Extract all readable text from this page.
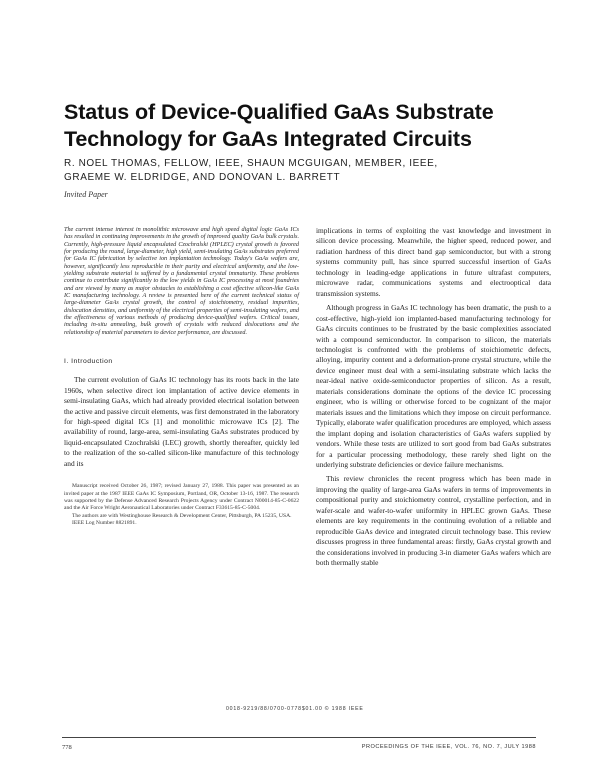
Status of Device-Qualified GaAs Substrate Technology for GaAs Integrated Circuits
R. NOEL THOMAS, FELLOW, IEEE, SHAUN MCGUIGAN, MEMBER, IEEE,
GRAEME W. ELDRIDGE, AND DONOVAN L. BARRETT
Invited Paper

The current intense interest in monolithic microwave and high speed digital logic GaAs ICs has resulted in continuing improvements in the growth of improved quality GaAs bulk crystals. Currently, high-pressure liquid encapsulated Czochralski (HPLEC) crystal growth is favored for producing the round, large-diameter, high yield, semi-insulating GaAs substrates preferred for GaAs IC fabrication by selective ion implantation technology. Today's GaAs wafers are, however, significantly less reproducible in their purity and electrical uniformity, and the low-yielding substrate material is suffered by a fundamental crystal immaturity. These problems continue to contribute significantly to the low yields in GaAs IC processing at most foundries and are viewed by many as major obstacles to establishing a cost effective silicon-like GaAs IC manufacturing technology. A review is presented here of the current technical status of large-diameter GaAs crystal growth, the control of stoichiometry, residual impurities, dislocation densities, and uniformity of the electrical properties of semi-insulating wafers, and the effectiveness of various methods of producing device-qualified wafers. Critical issues, including in-situ annealing, bulk growth of crystals with reduced dislocations and the relationship of material parameters to device performance, are discussed.

I. Introduction

The current evolution of GaAs IC technology has its roots back in the late 1960s, when selective direct ion implantation of active device elements in semi-insulating GaAs, which had already provided electrical isolation between the active and passive circuit elements, was first demonstrated in the laboratory for high-speed digital ICs [1] and monolithic microwave ICs [2]. The availability of round, large-area, semi-insulating GaAs substrates produced by liquid-encapsulated Czochralski (LEC) growth, shortly thereafter, quickly led to the realization of the so-called silicon-like manufacture of this technology and its

Manuscript received October 26, 1987; revised January 27, 1988. This paper was presented as an invited paper at the 1987 IEEE GaAs IC Symposium, Portland, OR, October 13-16, 1987. The research was supported by the Defense Advanced Research Projects Agency under Contract N00014-85-C-0622 and the Air Force Wright Aeronautical Laboratories under Contract F33615-85-C-5004.

The authors are with Westinghouse Research & Development Center, Pittsburgh, PA 15235, USA.

IEEE Log Number 8821891.

implications in terms of exploiting the vast knowledge and investment in silicon device processing. Meanwhile, the higher speed, reduced power, and radiation hardness of this direct band gap semiconductor, but with a strong systems community pull, has since spurred successful insertion of GaAs technology in leading-edge applications in future ultrafast computers, microwave radar, communications systems and electrooptical data transmission systems.

Although progress in GaAs IC technology has been dramatic, the push to a cost-effective, high-yield ion implanted-based manufacturing technology for GaAs circuits continues to be frustrated by the basic complexities associated with a compound semiconductor. In comparison to silicon, the materials technologist is confronted with the problems of stoichiometric defects, alloying, impurity content and a deformation-prone crystal structure, while the device engineer must deal with a semi-insulating substrate which lacks the near-ideal native oxide-semiconductor properties of silicon. As a result, materials considerations dominate the options of the device IC processing engineer, who is willing or otherwise forced to be cognizant of the major materials issues and the limitations which they impose on circuit performance. Typically, elaborate wafer qualification procedures are employed, which assess the implant doping and isolation characteristics of GaAs wafers supplied by vendors. While these tests are utilized to sort good from bad GaAs substrates for a particular processing methodology, these rarely shed light on the underlying substrate deficiencies or device failure mechanisms.

This review chronicles the recent progress which has been made in improving the quality of large-area GaAs wafers in terms of improvements in compositional purity and stoichiometry control, crystalline perfection, and in wafer-scale and wafer-to-wafer uniformity in HPLEC grown GaAs. These elements are key requirements in the continuing evolution of a reliable and reproducible GaAs device and integrated circuit technology base. This review discusses progress in three fundamental areas: firstly, GaAs crystal growth and the considerations involved in producing 3-in diameter GaAs wafers which are both thermally stable

0018-9219/88/0700-0778$01.00 © 1988 IEEE
778	PROCEEDINGS OF THE IEEE, VOL. 76, NO. 7, JULY 1988
